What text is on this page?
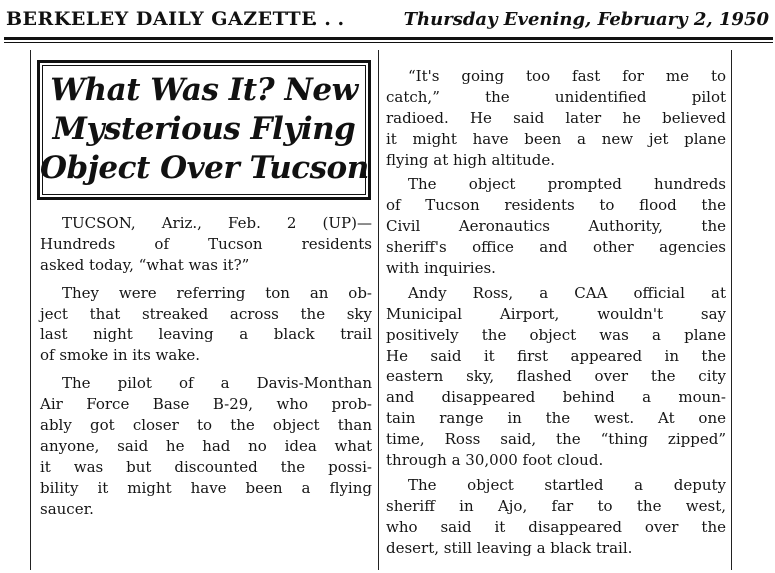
BERKELEY DAILY GAZETTE
. . .	Thursday Evening, February 2, 1950
What Was It? New
Mysterious Flying
Object Over Tucson
TUCSON, Ariz., Feb. 2 (UP)—
Hundreds of Tucson residents
asked today, “what was it?”
They were referring ton an ob-
ject that streaked across the sky
last night leaving a black trail
of smoke in its wake.
The pilot of a Davis-Monthan
Air Force Base B-29, who prob-
ably got closer to the object than
anyone, said he had no idea what
it was but discounted the possi-
bility it might have been a flying
saucer.
“It's going too fast for me to
catch,” the unidentified pilot
radioed. He said later he believed
it might have been a new jet plane
flying at high altitude.
The object prompted hundreds
of Tucson residents to flood the
Civil Aeronautics Authority, the
sheriff's office and other agencies
with inquiries.
Andy Ross, a CAA official at
Municipal Airport, wouldn't say
positively the object was a plane
He said it first appeared in the
eastern sky, flashed over the city
and disappeared behind a moun-
tain range in the west. At one
time, Ross said, the “thing zipped”
through a 30,000 foot cloud.
The object startled a deputy
sheriff in Ajo, far to the west,
who said it disappeared over the
desert, still leaving a black trail.
